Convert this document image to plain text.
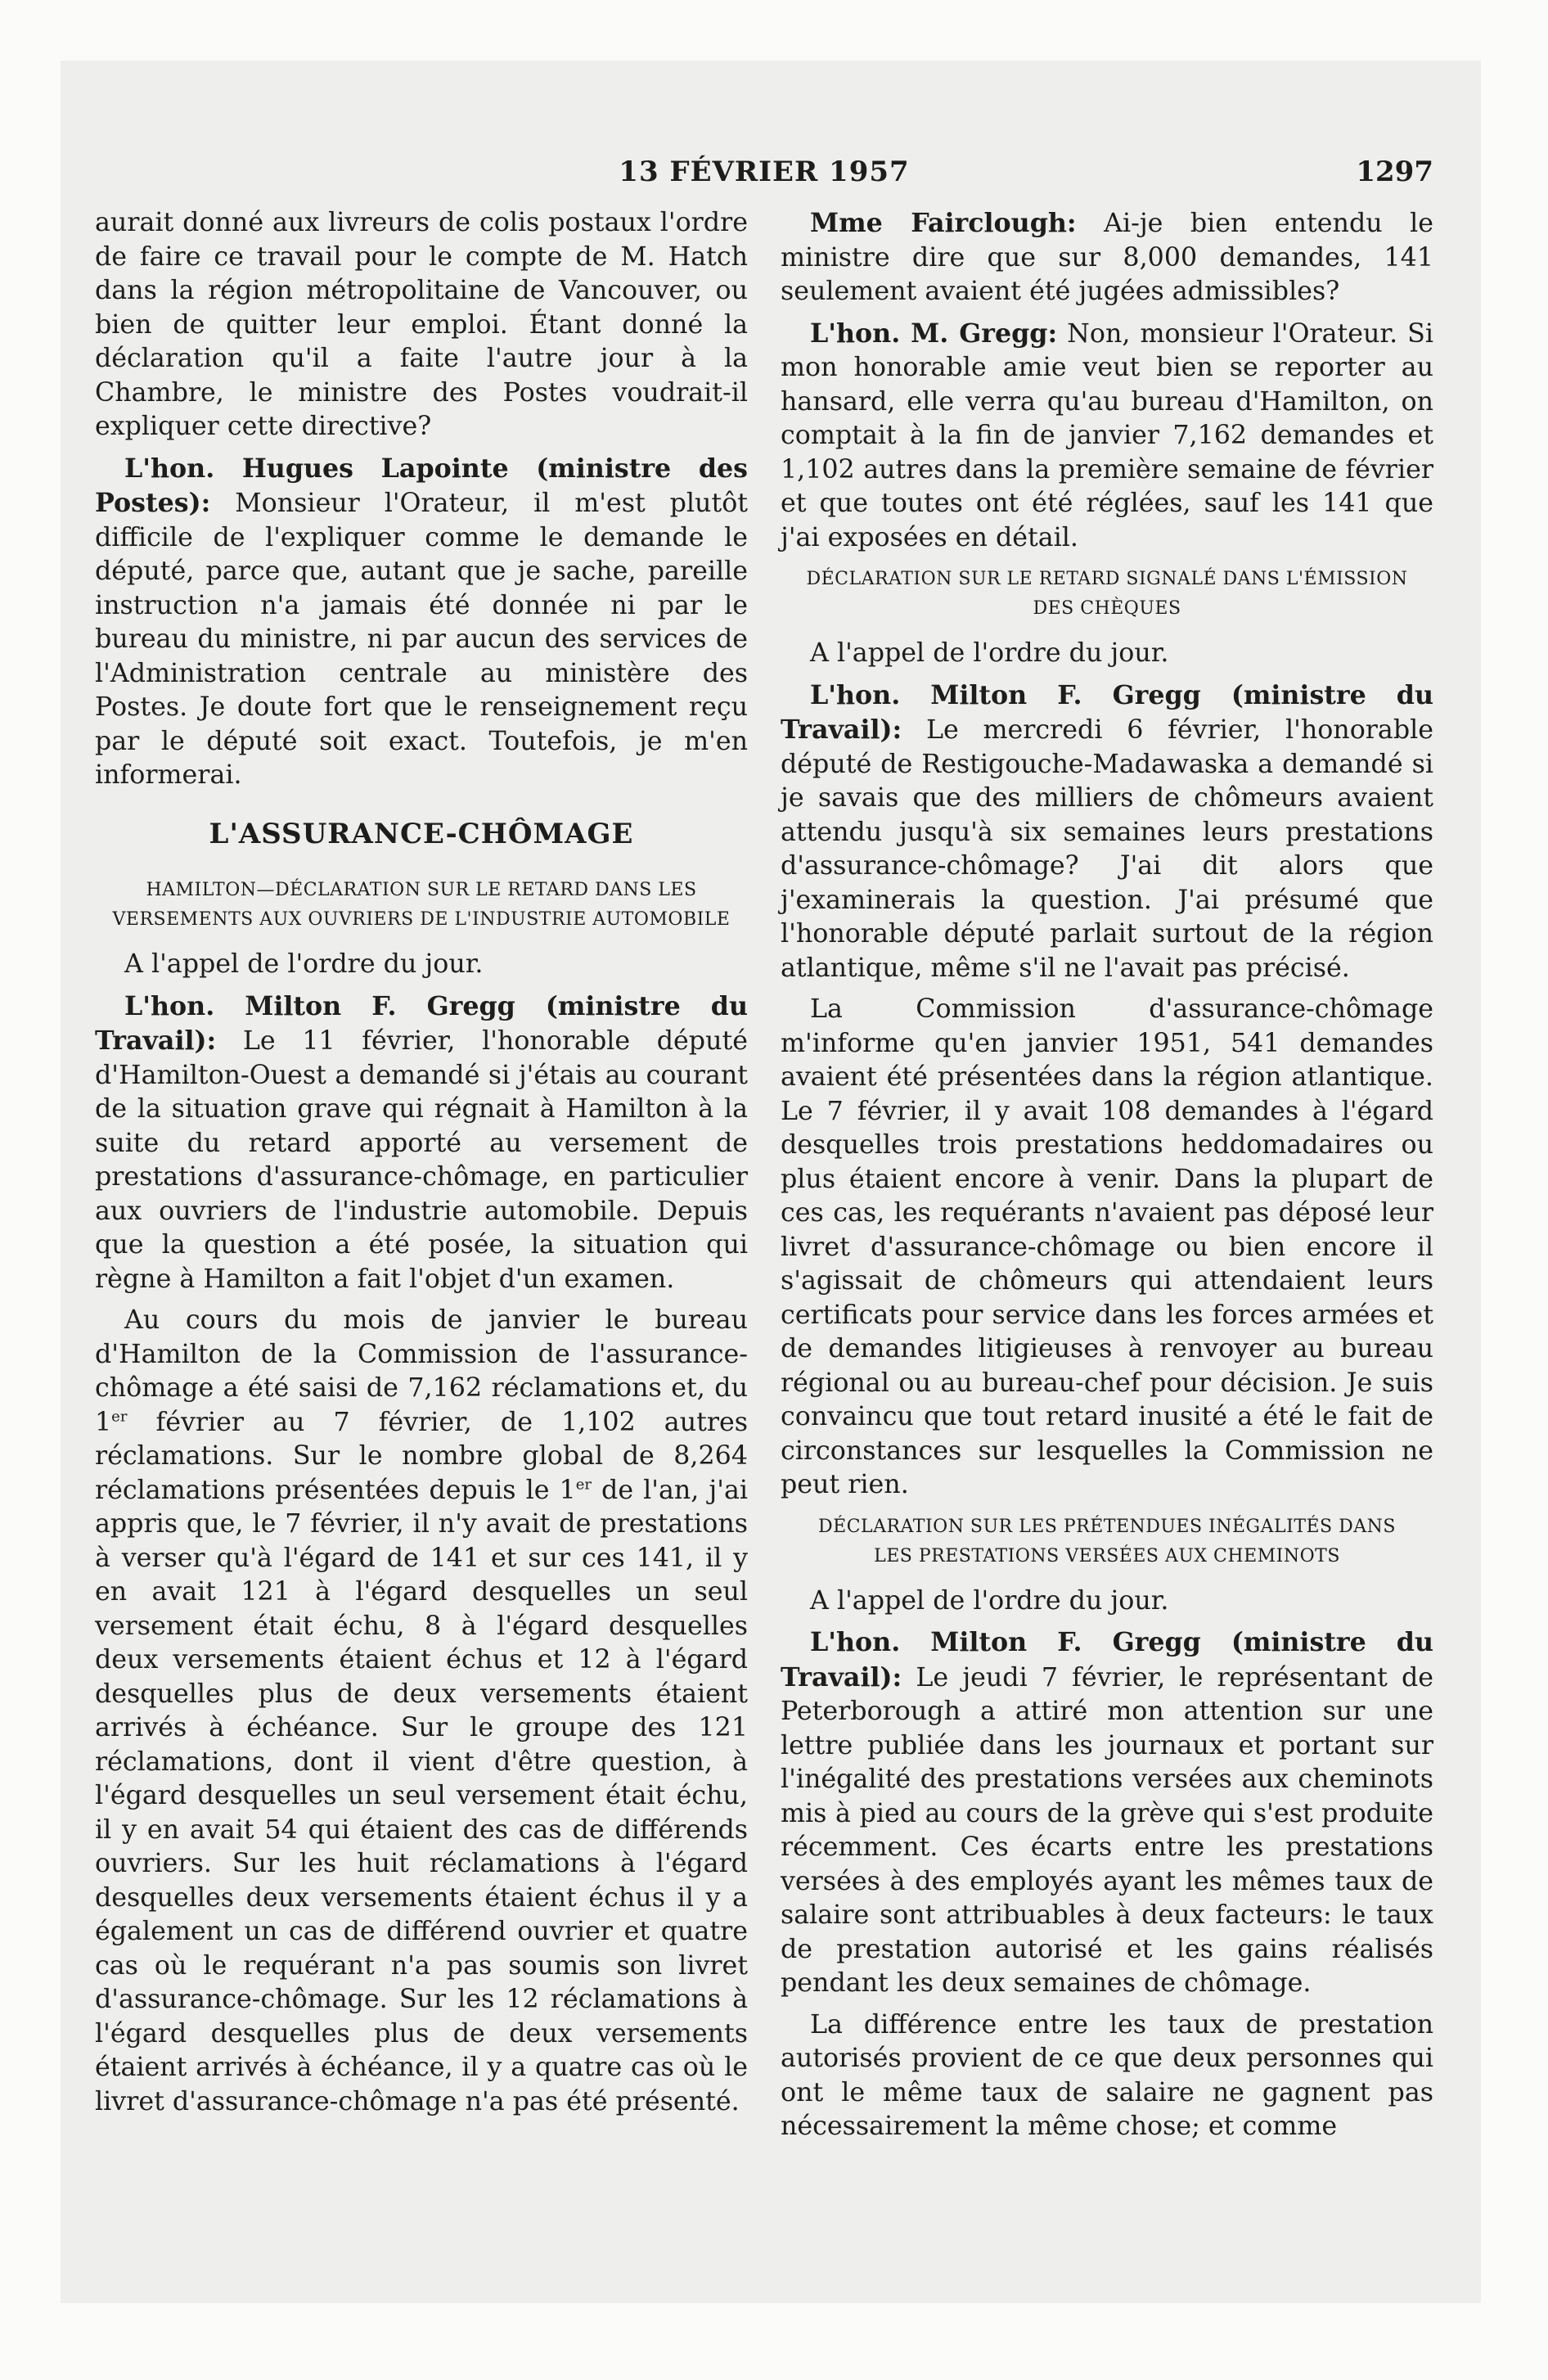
13 FÉVRIER 1957	1297

aurait donné aux livreurs de colis postaux l'ordre de faire ce travail pour le compte de M. Hatch dans la région métropolitaine de Vancouver, ou bien de quitter leur emploi. Étant donné la déclaration qu'il a faite l'autre jour à la Chambre, le ministre des Postes voudrait-il expliquer cette directive?

L'hon. Hugues Lapointe (ministre des Postes): Monsieur l'Orateur, il m'est plutôt difficile de l'expliquer comme le demande le député, parce que, autant que je sache, pareille instruction n'a jamais été donnée ni par le bureau du ministre, ni par aucun des services de l'Administration centrale au ministère des Postes. Je doute fort que le renseignement reçu par le député soit exact. Toutefois, je m'en informerai.

L'ASSURANCE-CHÔMAGE
HAMILTON—DÉCLARATION SUR LE RETARD DANS LES VERSEMENTS AUX OUVRIERS DE L'INDUSTRIE AUTOMOBILE

A l'appel de l'ordre du jour.

L'hon. Milton F. Gregg (ministre du Travail): Le 11 février, l'honorable député d'Hamilton-Ouest a demandé si j'étais au courant de la situation grave qui régnait à Hamilton à la suite du retard apporté au versement de prestations d'assurance-chômage, en particulier aux ouvriers de l'industrie automobile. Depuis que la question a été posée, la situation qui règne à Hamilton a fait l'objet d'un examen.

Au cours du mois de janvier le bureau d'Hamilton de la Commission de l'assurance-chômage a été saisi de 7,162 réclamations et, du 1er février au 7 février, de 1,102 autres réclamations. Sur le nombre global de 8,264 réclamations présentées depuis le 1er de l'an, j'ai appris que, le 7 février, il n'y avait de prestations à verser qu'à l'égard de 141 et sur ces 141, il y en avait 121 à l'égard desquelles un seul versement était échu, 8 à l'égard desquelles deux versements étaient échus et 12 à l'égard desquelles plus de deux versements étaient arrivés à échéance. Sur le groupe des 121 réclamations, dont il vient d'être question, à l'égard desquelles un seul versement était échu, il y en avait 54 qui étaient des cas de différends ouvriers. Sur les huit réclamations à l'égard desquelles deux versements étaient échus il y a également un cas de différend ouvrier et quatre cas où le requérant n'a pas soumis son livret d'assurance-chômage. Sur les 12 réclamations à l'égard desquelles plus de deux versements étaient arrivés à échéance, il y a quatre cas où le livret d'assurance-chômage n'a pas été présenté.

Mme Fairclough: Ai-je bien entendu le ministre dire que sur 8,000 demandes, 141 seulement avaient été jugées admissibles?

L'hon. M. Gregg: Non, monsieur l'Orateur. Si mon honorable amie veut bien se reporter au hansard, elle verra qu'au bureau d'Hamilton, on comptait à la fin de janvier 7,162 demandes et 1,102 autres dans la première semaine de février et que toutes ont été réglées, sauf les 141 que j'ai exposées en détail.

DÉCLARATION SUR LE RETARD SIGNALÉ DANS L'ÉMISSION DES CHÈQUES

A l'appel de l'ordre du jour.

L'hon. Milton F. Gregg (ministre du Travail): Le mercredi 6 février, l'honorable député de Restigouche-Madawaska a demandé si je savais que des milliers de chômeurs avaient attendu jusqu'à six semaines leurs prestations d'assurance-chômage? J'ai dit alors que j'examinerais la question. J'ai présumé que l'honorable député parlait surtout de la région atlantique, même s'il ne l'avait pas précisé.

La Commission d'assurance-chômage m'informe qu'en janvier 1951, 541 demandes avaient été présentées dans la région atlantique. Le 7 février, il y avait 108 demandes à l'égard desquelles trois prestations heddomadaires ou plus étaient encore à venir. Dans la plupart de ces cas, les requérants n'avaient pas déposé leur livret d'assurance-chômage ou bien encore il s'agissait de chômeurs qui attendaient leurs certificats pour service dans les forces armées et de demandes litigieuses à renvoyer au bureau régional ou au bureau-chef pour décision. Je suis convaincu que tout retard inusité a été le fait de circonstances sur lesquelles la Commission ne peut rien.

DÉCLARATION SUR LES PRÉTENDUES INÉGALITÉS DANS LES PRESTATIONS VERSÉES AUX CHEMINOTS

A l'appel de l'ordre du jour.

L'hon. Milton F. Gregg (ministre du Travail): Le jeudi 7 février, le représentant de Peterborough a attiré mon attention sur une lettre publiée dans les journaux et portant sur l'inégalité des prestations versées aux cheminots mis à pied au cours de la grève qui s'est produite récemment. Ces écarts entre les prestations versées à des employés ayant les mêmes taux de salaire sont attribuables à deux facteurs: le taux de prestation autorisé et les gains réalisés pendant les deux semaines de chômage.

La différence entre les taux de prestation autorisés provient de ce que deux personnes qui ont le même taux de salaire ne gagnent pas nécessairement la même chose; et comme
